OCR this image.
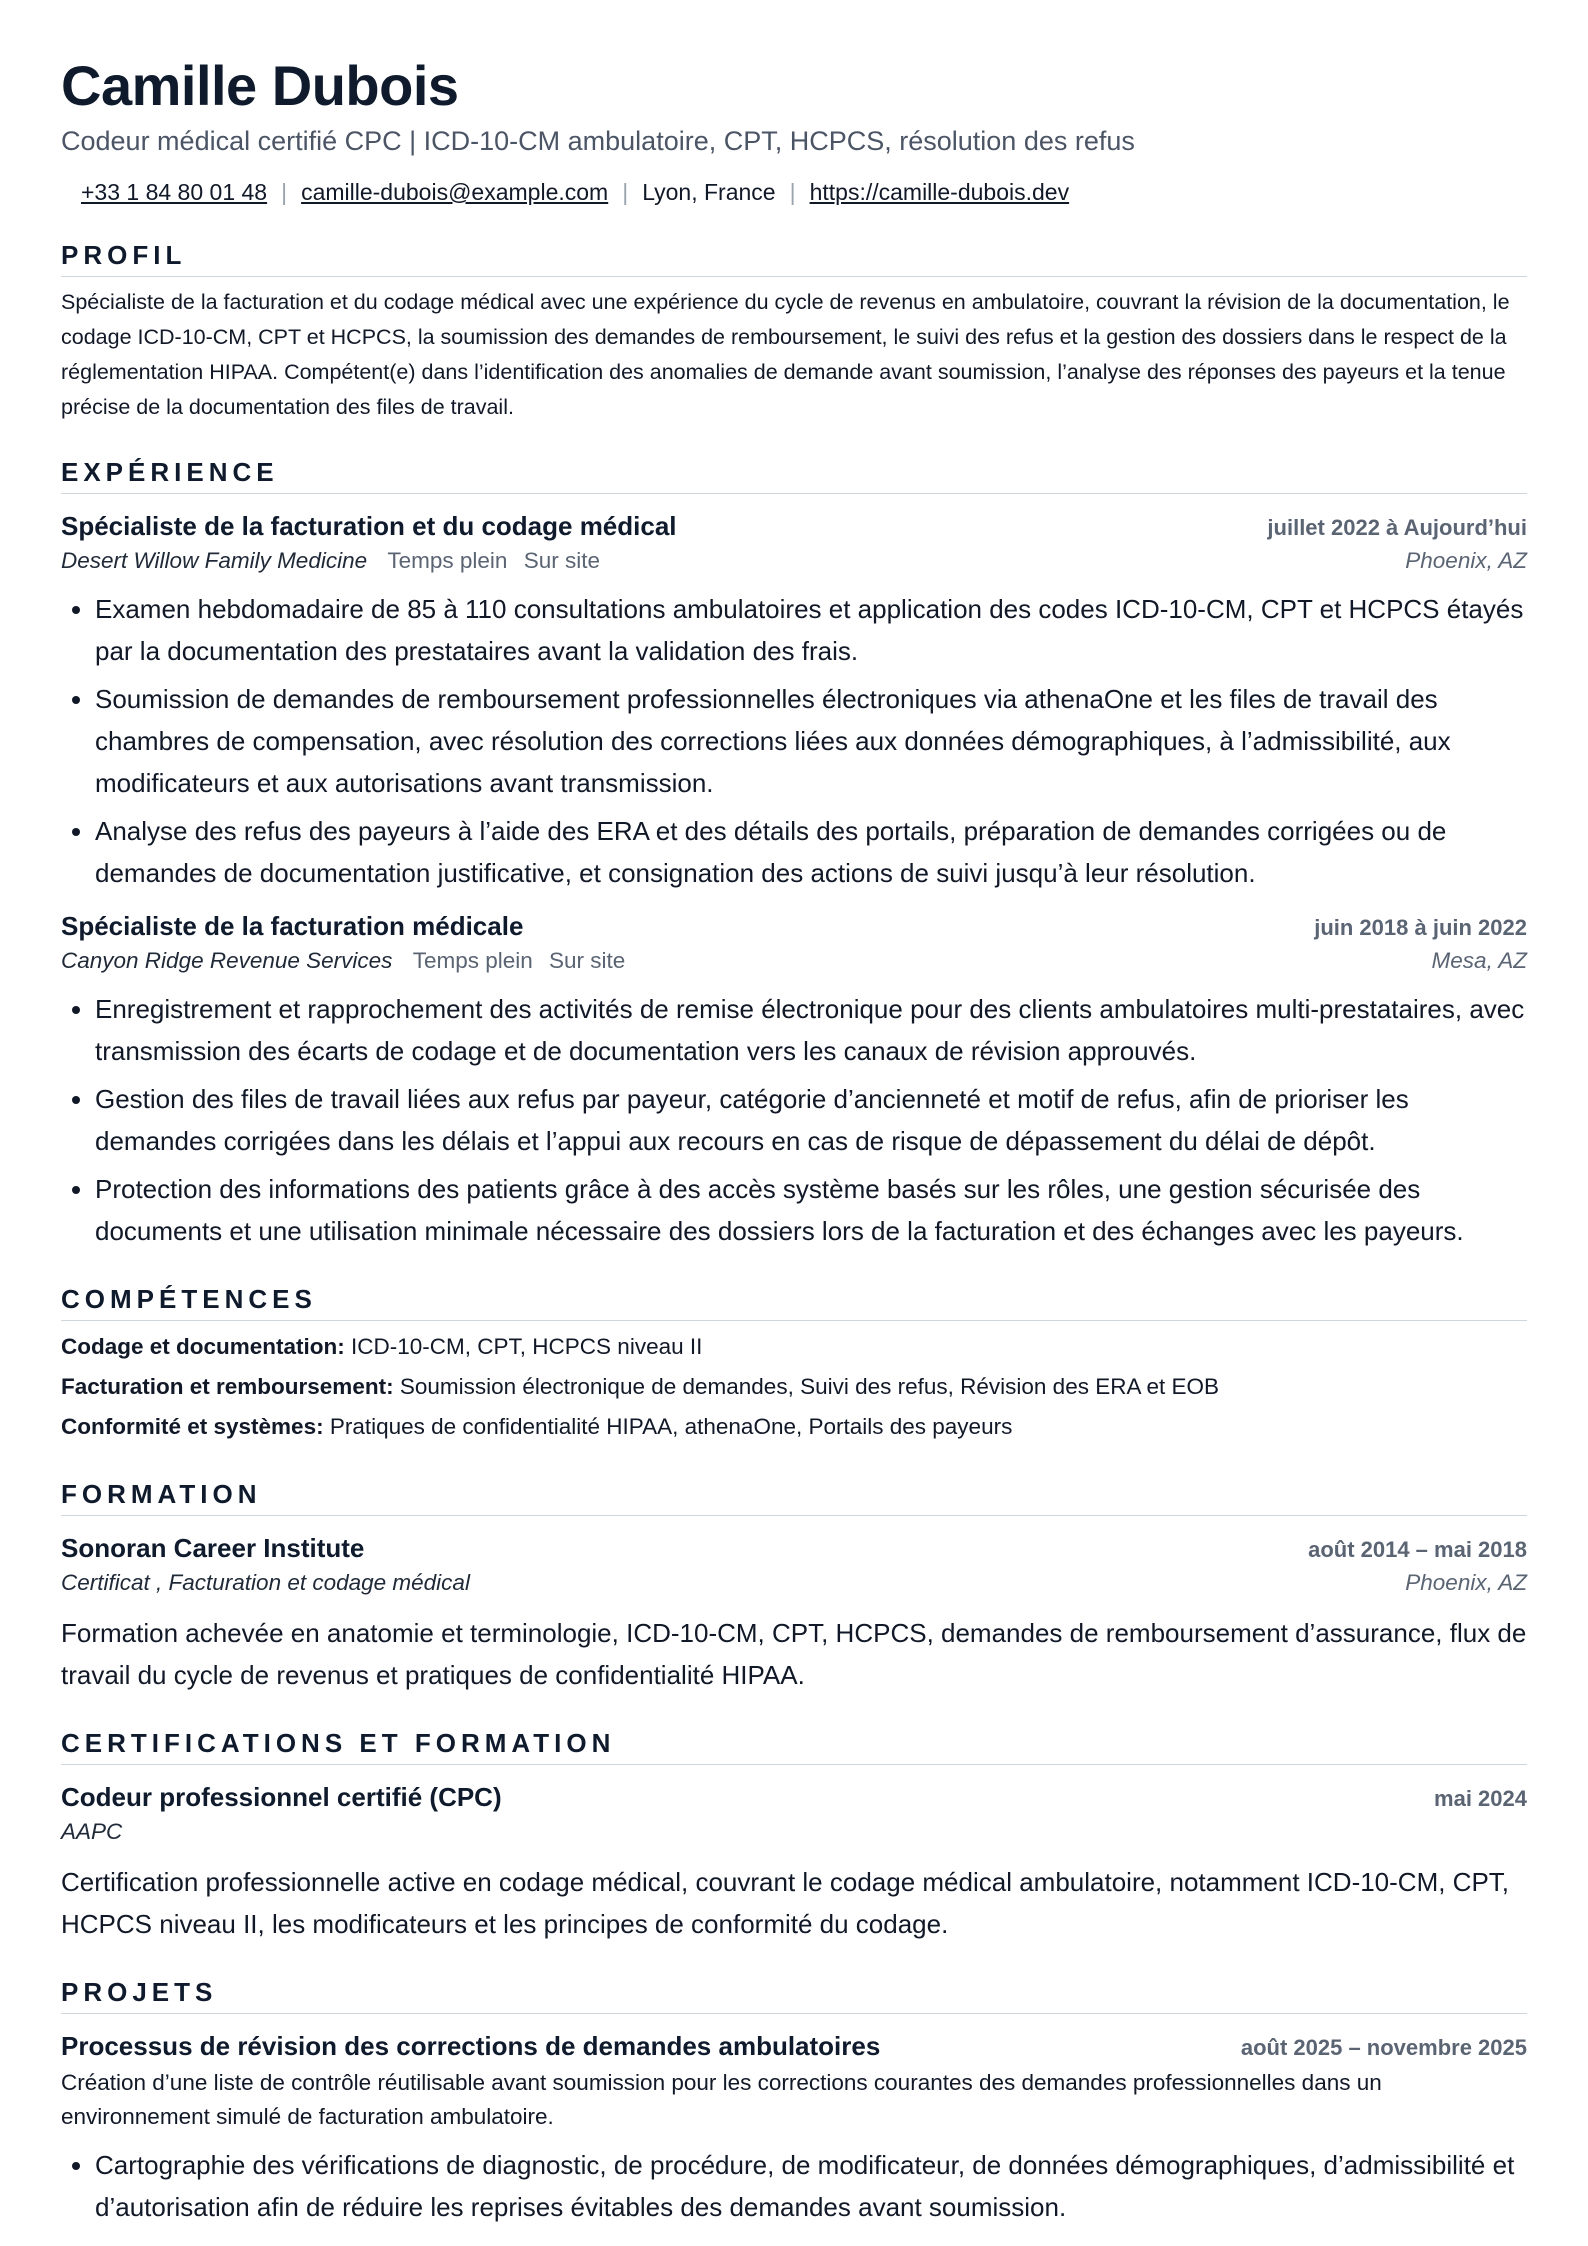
Camille Dubois
Codeur médical certifié CPC | ICD-10-CM ambulatoire, CPT, HCPCS, résolution des refus
+33 1 84 80 01 48 | camille-dubois@example.com | Lyon, France | https://camille-dubois.dev
PROFIL
Spécialiste de la facturation et du codage médical avec une expérience du cycle de revenus en ambulatoire, couvrant la révision de la documentation, le codage ICD-10-CM, CPT et HCPCS, la soumission des demandes de remboursement, le suivi des refus et la gestion des dossiers dans le respect de la réglementation HIPAA. Compétent(e) dans l’identification des anomalies de demande avant soumission, l’analyse des réponses des payeurs et la tenue précise de la documentation des files de travail.
EXPÉRIENCE
Spécialiste de la facturation et du codage médical	juillet 2022 à Aujourd’hui
Desert Willow Family Medicine Temps plein Sur site	Phoenix, AZ
• Examen hebdomadaire de 85 à 110 consultations ambulatoires et application des codes ICD-10-CM, CPT et HCPCS étayés par la documentation des prestataires avant la validation des frais.
• Soumission de demandes de remboursement professionnelles électroniques via athenaOne et les files de travail des chambres de compensation, avec résolution des corrections liées aux données démographiques, à l’admissibilité, aux modificateurs et aux autorisations avant transmission.
• Analyse des refus des payeurs à l’aide des ERA et des détails des portails, préparation de demandes corrigées ou de demandes de documentation justificative, et consignation des actions de suivi jusqu’à leur résolution.
Spécialiste de la facturation médicale	juin 2018 à juin 2022
Canyon Ridge Revenue Services Temps plein Sur site	Mesa, AZ
• Enregistrement et rapprochement des activités de remise électronique pour des clients ambulatoires multi-prestataires, avec transmission des écarts de codage et de documentation vers les canaux de révision approuvés.
• Gestion des files de travail liées aux refus par payeur, catégorie d’ancienneté et motif de refus, afin de prioriser les demandes corrigées dans les délais et l’appui aux recours en cas de risque de dépassement du délai de dépôt.
• Protection des informations des patients grâce à des accès système basés sur les rôles, une gestion sécurisée des documents et une utilisation minimale nécessaire des dossiers lors de la facturation et des échanges avec les payeurs.
COMPÉTENCES
Codage et documentation: ICD-10-CM, CPT, HCPCS niveau II
Facturation et remboursement: Soumission électronique de demandes, Suivi des refus, Révision des ERA et EOB
Conformité et systèmes: Pratiques de confidentialité HIPAA, athenaOne, Portails des payeurs
FORMATION
Sonoran Career Institute	août 2014 – mai 2018
Certificat , Facturation et codage médical	Phoenix, AZ
Formation achevée en anatomie et terminologie, ICD-10-CM, CPT, HCPCS, demandes de remboursement d’assurance, flux de travail du cycle de revenus et pratiques de confidentialité HIPAA.
CERTIFICATIONS ET FORMATION
Codeur professionnel certifié (CPC)	mai 2024
AAPC
Certification professionnelle active en codage médical, couvrant le codage médical ambulatoire, notamment ICD-10-CM, CPT, HCPCS niveau II, les modificateurs et les principes de conformité du codage.
PROJETS
Processus de révision des corrections de demandes ambulatoires	août 2025 – novembre 2025
Création d’une liste de contrôle réutilisable avant soumission pour les corrections courantes des demandes professionnelles dans un environnement simulé de facturation ambulatoire.
• Cartographie des vérifications de diagnostic, de procédure, de modificateur, de données démographiques, d’admissibilité et d’autorisation afin de réduire les reprises évitables des demandes avant soumission.
